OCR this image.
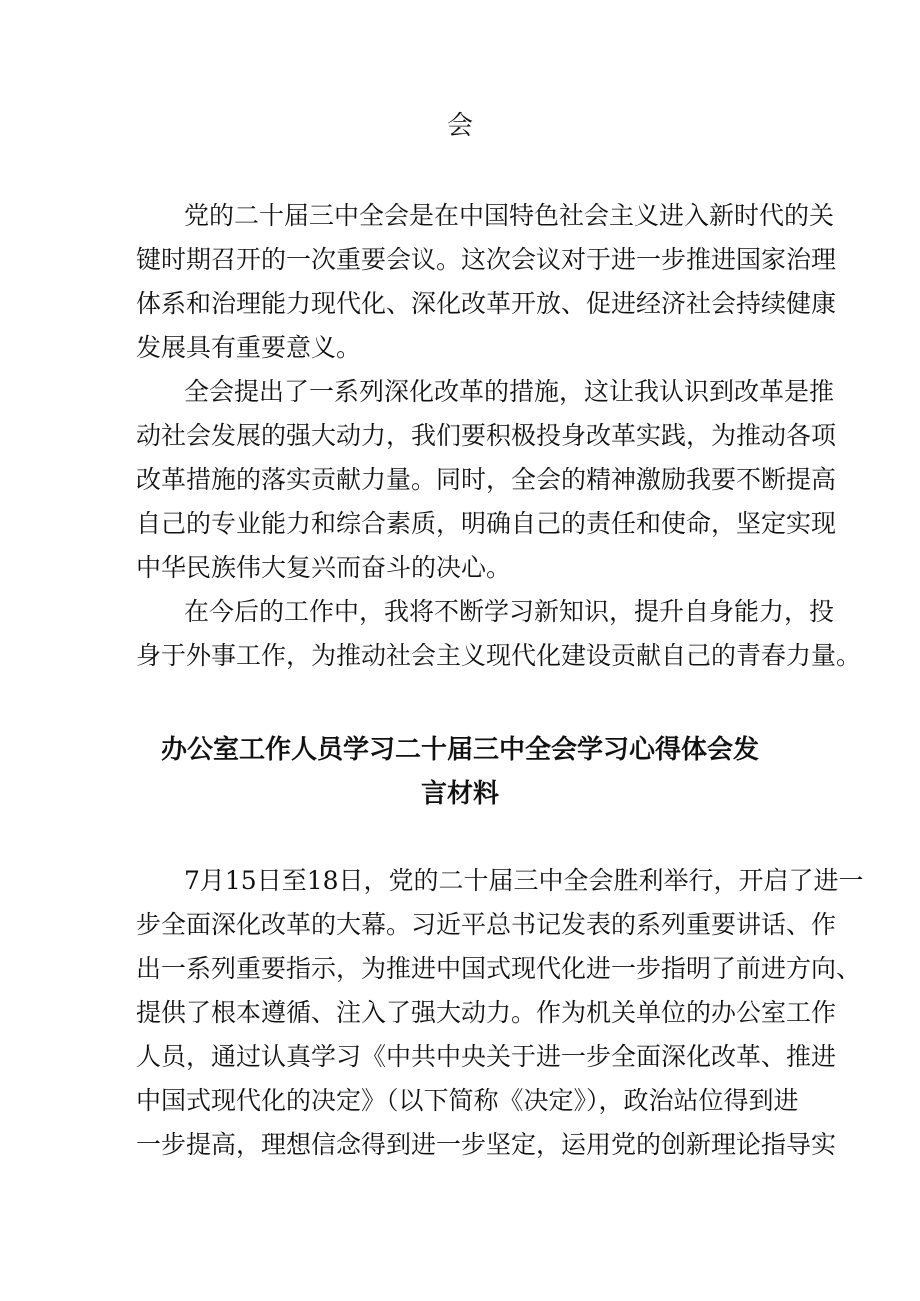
会

党的二十届三中全会是在中国特色社会主义进入新时代的关

键时期召开的一次重要会议。这次会议对于进一步推进国家治理

体系和治理能力现代化、深化改革开放、促进经济社会持续健康

发展具有重要意义。

全会提出了一系列深化改革的措施，这让我认识到改革是推

动社会发展的强大动力，我们要积极投身改革实践，为推动各项

改革措施的落实贡献力量。同时，全会的精神激励我要不断提高

自己的专业能力和综合素质，明确自己的责任和使命，坚定实现

中华民族伟大复兴而奋斗的决心。

在今后的工作中，我将不断学习新知识，提升自身能力，投

身于外事工作，为推动社会主义现代化建设贡献自己的青春力量。

办公室工作人员学习二十届三中全会学习心得体会发
言材料

7月15日至18日，党的二十届三中全会胜利举行，开启了进一

步全面深化改革的大幕。习近平总书记发表的系列重要讲话、作

出一系列重要指示，为推进中国式现代化进一步指明了前进方向、

提供了根本遵循、注入了强大动力。作为机关单位的办公室工作

人员，通过认真学习《中共中央关于进一步全面深化改革、推进

中国式现代化的决定》（以下简称《决定》），政治站位得到进

一步提高，理想信念得到进一步坚定，运用党的创新理论指导实
